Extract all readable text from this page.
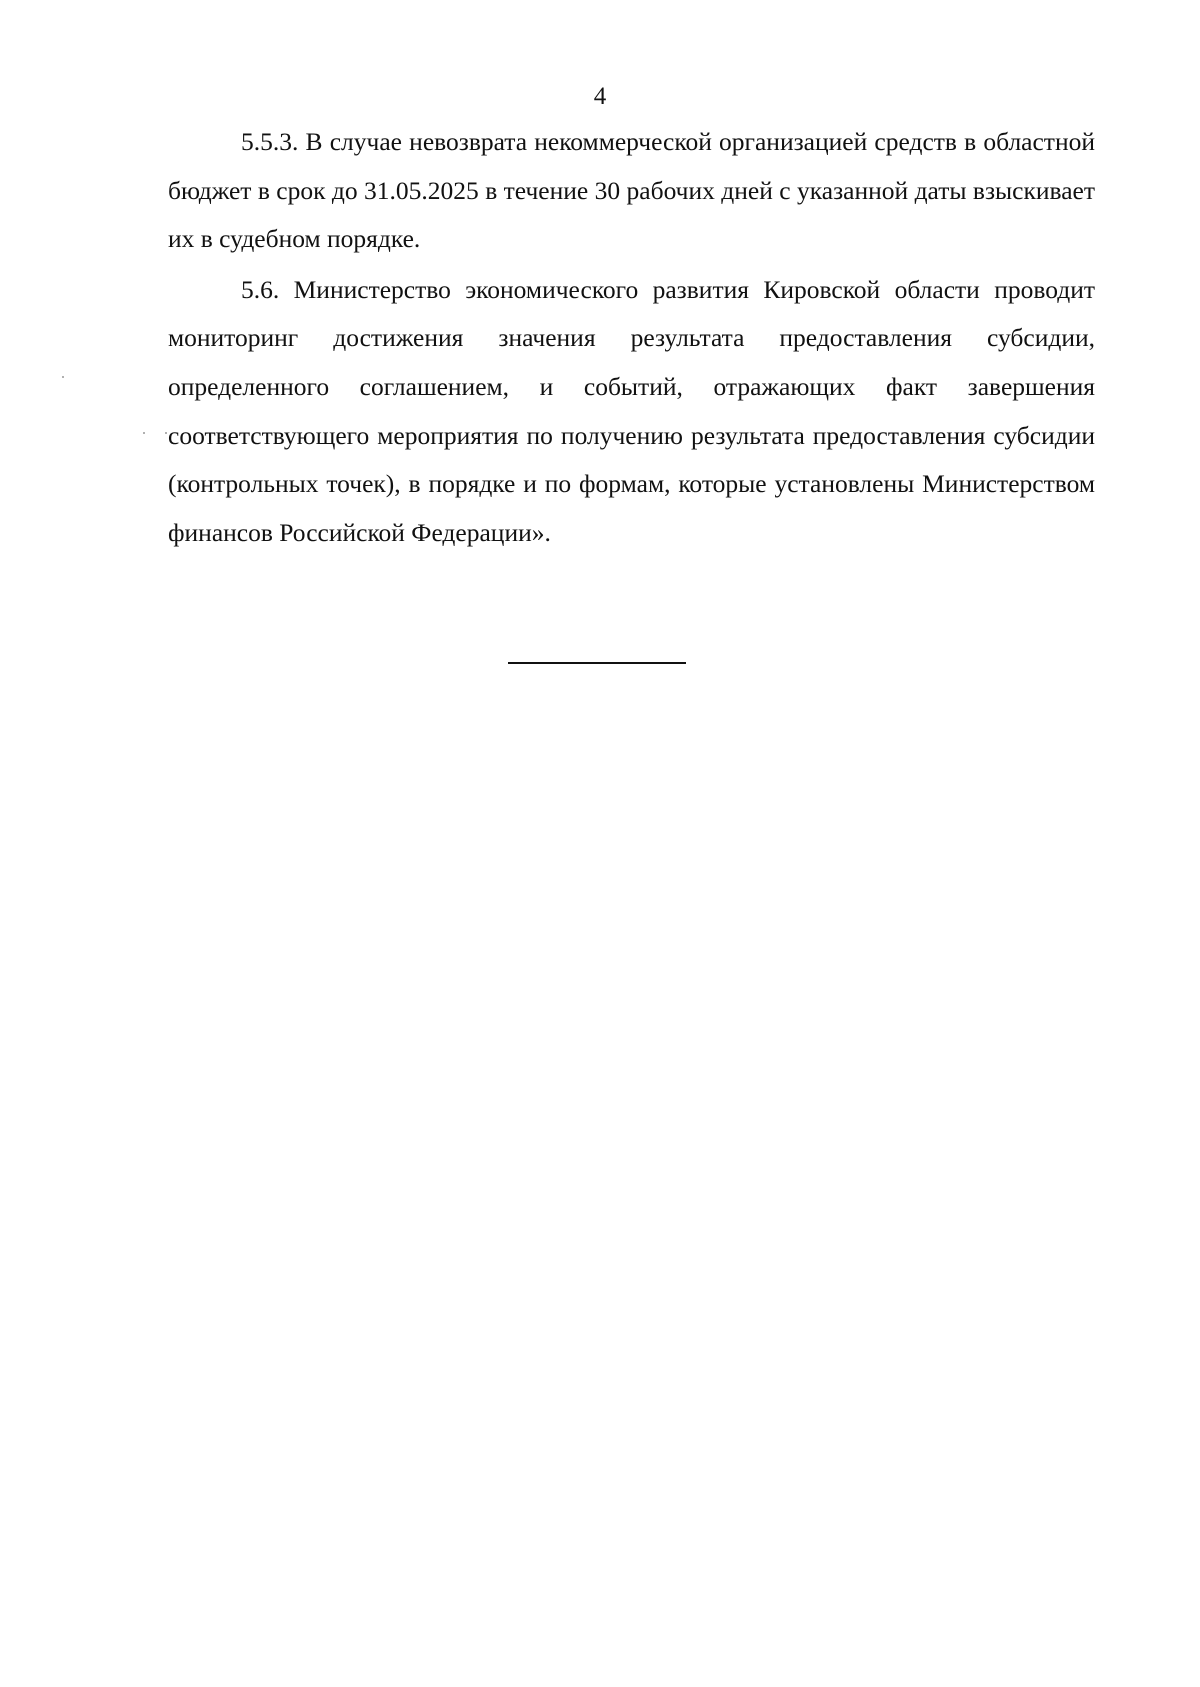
4

5.5.3. В случае невозврата некоммерческой организацией средств в областной бюджет в срок до 31.05.2025 в течение 30 рабочих дней с указанной даты взыскивает их в судебном порядке.

5.6. Министерство экономического развития Кировской области проводит мониторинг достижения значения результата предоставления субсидии, определенного соглашением, и событий, отражающих факт завершения соответствующего мероприятия по получению результата предоставления субсидии (контрольных точек), в порядке и по формам, которые установлены Министерством финансов Российской Федерации».
